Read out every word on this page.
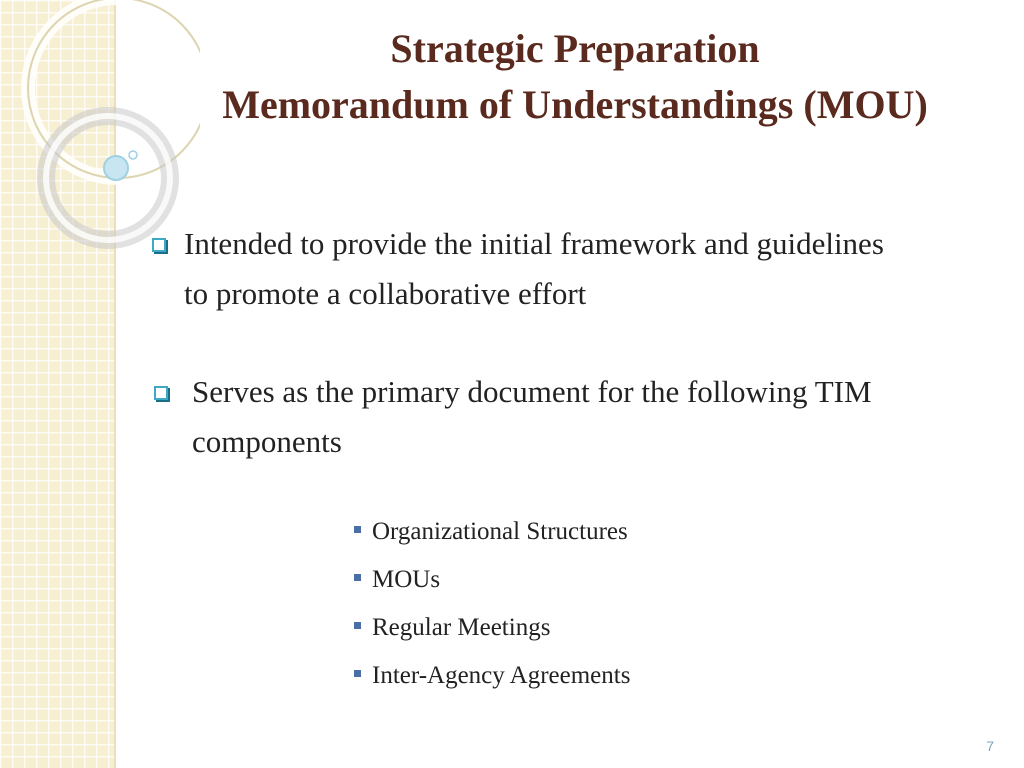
Strategic Preparation
Memorandum of Understandings (MOU)
Intended to provide the initial framework and guidelines
to promote a collaborative effort
Serves as the primary document for the following TIM
components
Organizational Structures
MOUs
Regular Meetings
Inter-Agency Agreements
7
